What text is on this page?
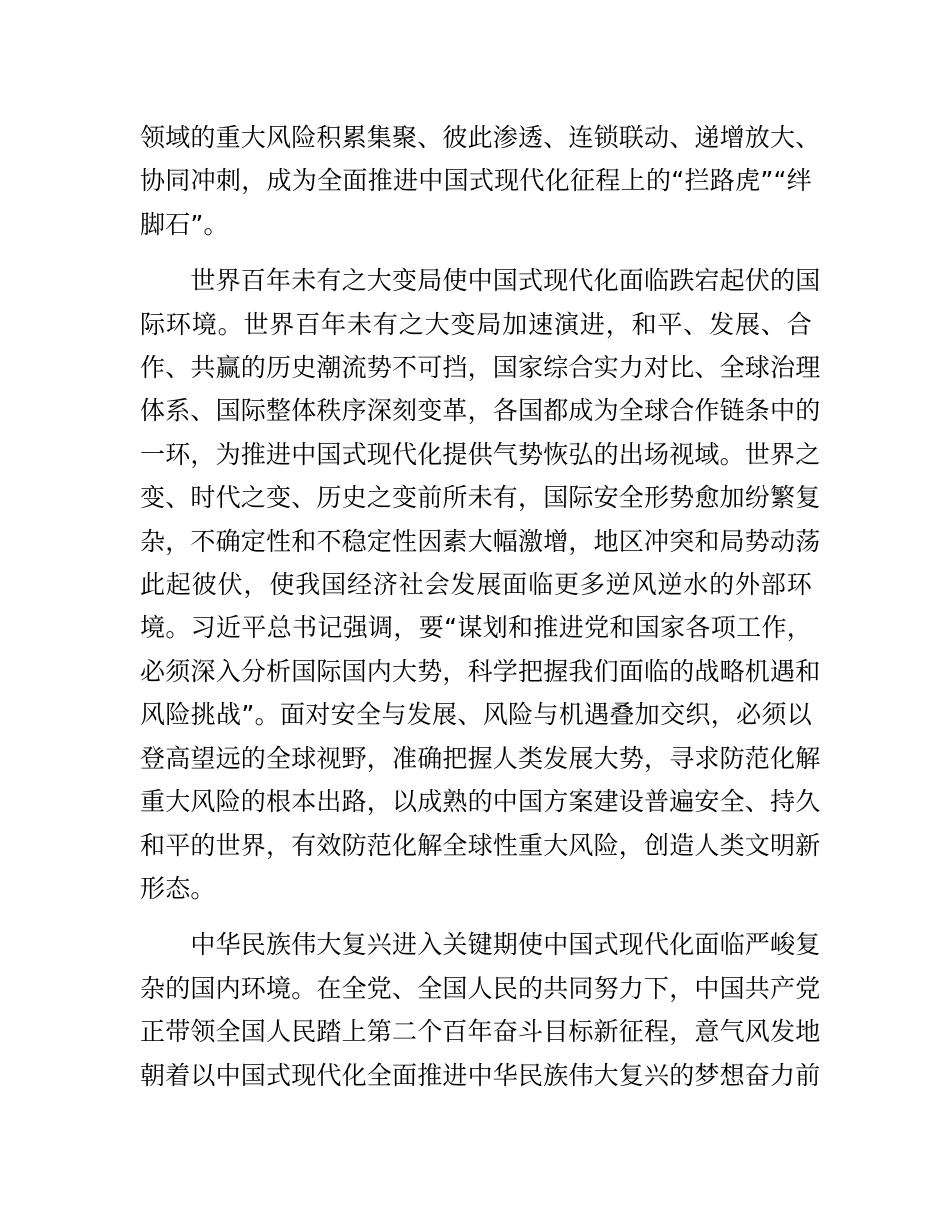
领域的重大风险积累集聚、彼此渗透、连锁联动、递增放大、
协同冲刺，成为全面推进中国式现代化征程上的“拦路虎”“绊
脚石”。

　　世界百年未有之大变局使中国式现代化面临跌宕起伏的国
际环境。世界百年未有之大变局加速演进，和平、发展、合
作、共赢的历史潮流势不可挡，国家综合实力对比、全球治理
体系、国际整体秩序深刻变革，各国都成为全球合作链条中的
一环，为推进中国式现代化提供气势恢弘的出场视域。世界之
变、时代之变、历史之变前所未有，国际安全形势愈加纷繁复
杂，不确定性和不稳定性因素大幅激增，地区冲突和局势动荡
此起彼伏，使我国经济社会发展面临更多逆风逆水的外部环
境。习近平总书记强调，要“谋划和推进党和国家各项工作，
必须深入分析国际国内大势，科学把握我们面临的战略机遇和
风险挑战”。面对安全与发展、风险与机遇叠加交织，必须以
登高望远的全球视野，准确把握人类发展大势，寻求防范化解
重大风险的根本出路，以成熟的中国方案建设普遍安全、持久
和平的世界，有效防范化解全球性重大风险，创造人类文明新
形态。

　　中华民族伟大复兴进入关键期使中国式现代化面临严峻复
杂的国内环境。在全党、全国人民的共同努力下，中国共产党
正带领全国人民踏上第二个百年奋斗目标新征程，意气风发地
朝着以中国式现代化全面推进中华民族伟大复兴的梦想奋力前
